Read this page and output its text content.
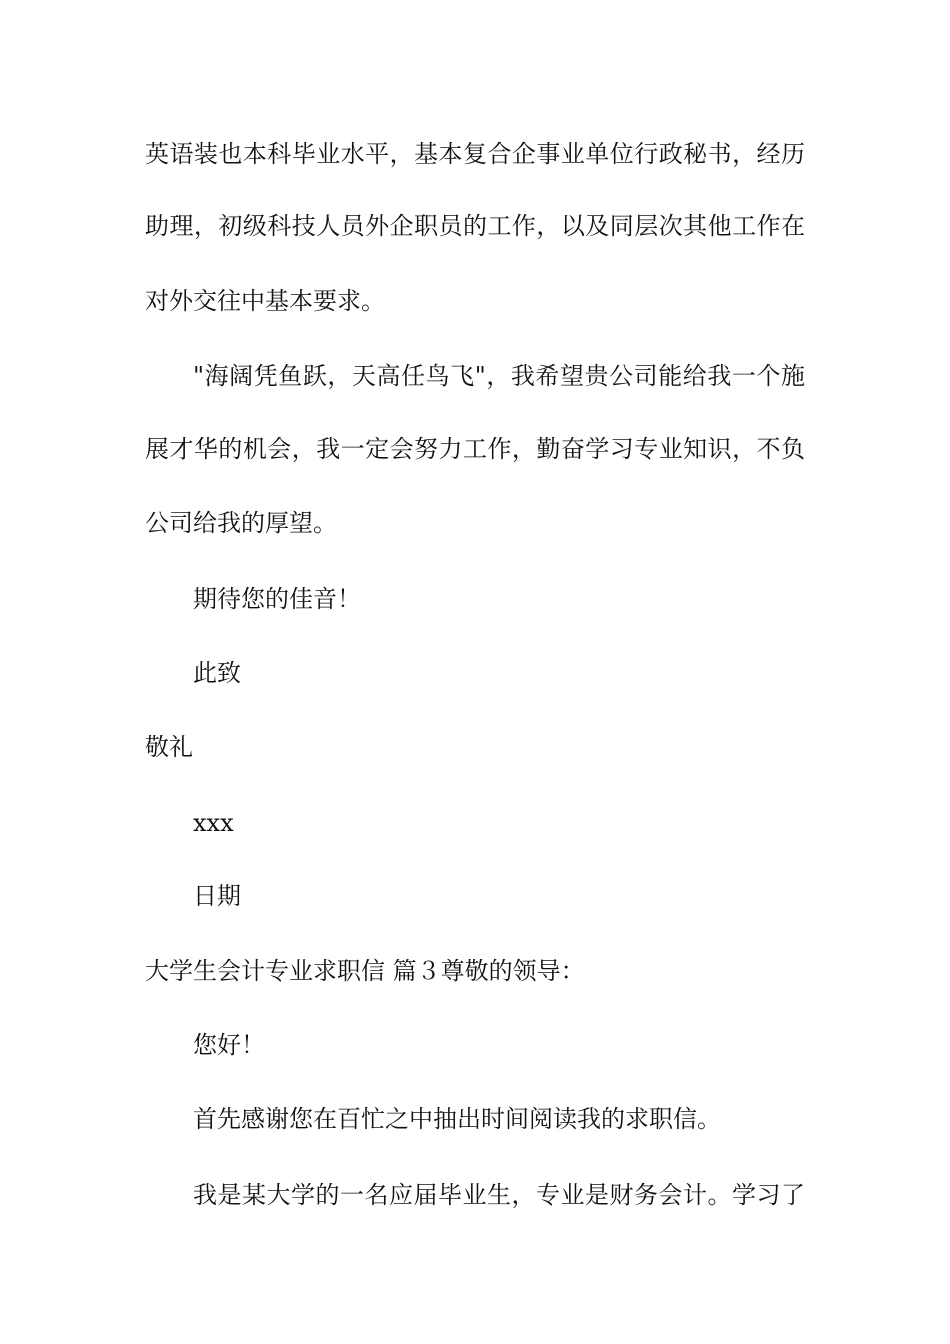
英语装也本科毕业水平，基本复合企事业单位行政秘书，经历
助理，初级科技人员外企职员的工作，以及同层次其他工作在
对外交往中基本要求。
"海阔凭鱼跃，天高任鸟飞"，我希望贵公司能给我一个施
展才华的机会，我一定会努力工作，勤奋学习专业知识，不负
公司给我的厚望。
期待您的佳音！
此致
敬礼
xxx
日期
大学生会计专业求职信 篇３尊敬的领导：
您好！
首先感谢您在百忙之中抽出时间阅读我的求职信。
我是某大学的一名应届毕业生，专业是财务会计。学习了
